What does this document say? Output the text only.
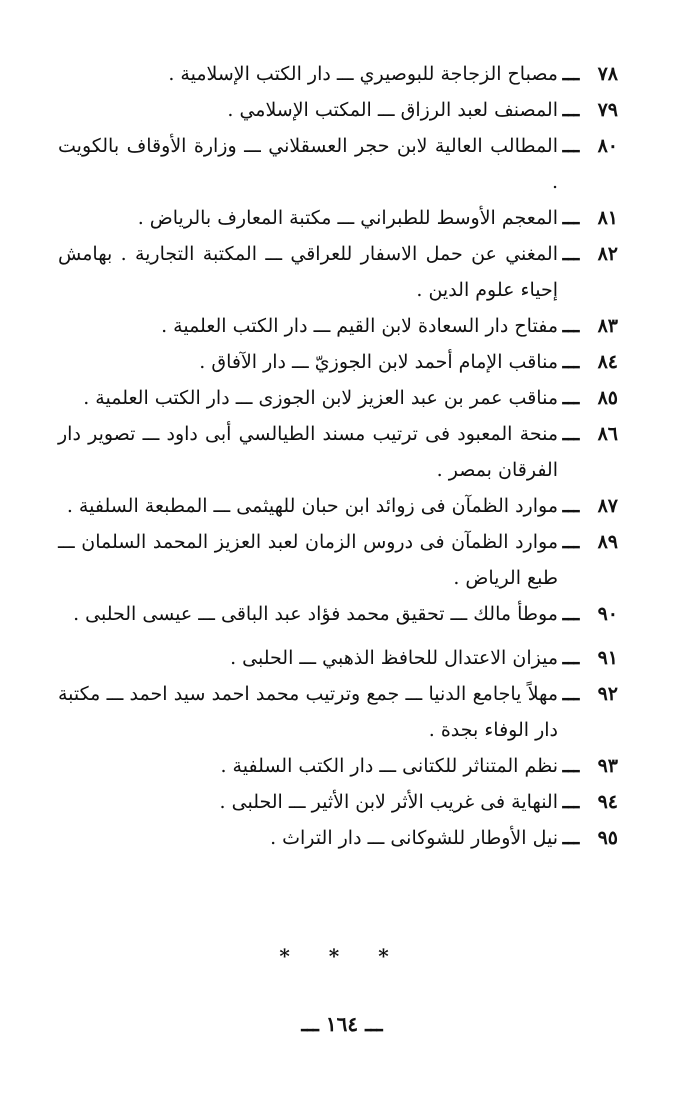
٧٨
ـــ
مصباح الزجاجة للبوصيري ـــ دار الكتب الإسلامية .
٧٩
ـــ
المصنف لعبد الرزاق ـــ المكتب الإسلامي .
٨٠
ـــ
المطالب العالية لابن حجر العسقلاني ـــ وزارة الأوقاف بالكويت .
٨١
ـــ
المعجم الأوسط للطبراني ـــ مكتبة المعارف بالرياض .
٨٢
ـــ
المغني عن حمل الاسفار للعراقي ـــ المكتبة التجارية . بهامش إحياء علوم الدين .
٨٣
ـــ
مفتاح دار السعادة لابن القيم ـــ دار الكتب العلمية .
٨٤
ـــ
مناقب الإمام أحمد لابن الجوزيّ ـــ دار الآفاق .
٨٥
ـــ
مناقب عمر بن عبد العزيز لابن الجوزى ـــ دار الكتب العلمية .
٨٦
ـــ
منحة المعبود فى ترتيب مسند الطيالسي أبى داود ـــ تصوير دار الفرقان بمصر .
٨٧
ـــ
موارد الظمآن فى زوائد ابن حبان للهيثمى ـــ المطبعة السلفية .
٨٩
ـــ
موارد الظمآن فى دروس الزمان لعبد العزيز المحمد السلمان ـــ طبع الرياض .
٩٠
ـــ
موطأ مالك ـــ تحقيق محمد فؤاد عبد الباقى ـــ عيسى الحلبى .
٩١
ـــ
ميزان الاعتدال للحافظ الذهبي ـــ الحلبى .
٩٢
ـــ
مهلاً ياجامع الدنيا ـــ جمع وترتيب محمد احمد سيد احمد ـــ مكتبة دار الوفاء بجدة .
٩٣
ـــ
نظم المتناثر للكتانى ـــ دار الكتب السلفية .
٩٤
ـــ
النهاية فى غريب الأثر لابن الأثير ـــ الحلبى .
٩٥
ـــ
نيل الأوطار للشوكانى ـــ دار التراث .
* * *
ـــ ١٦٤ ـــ
